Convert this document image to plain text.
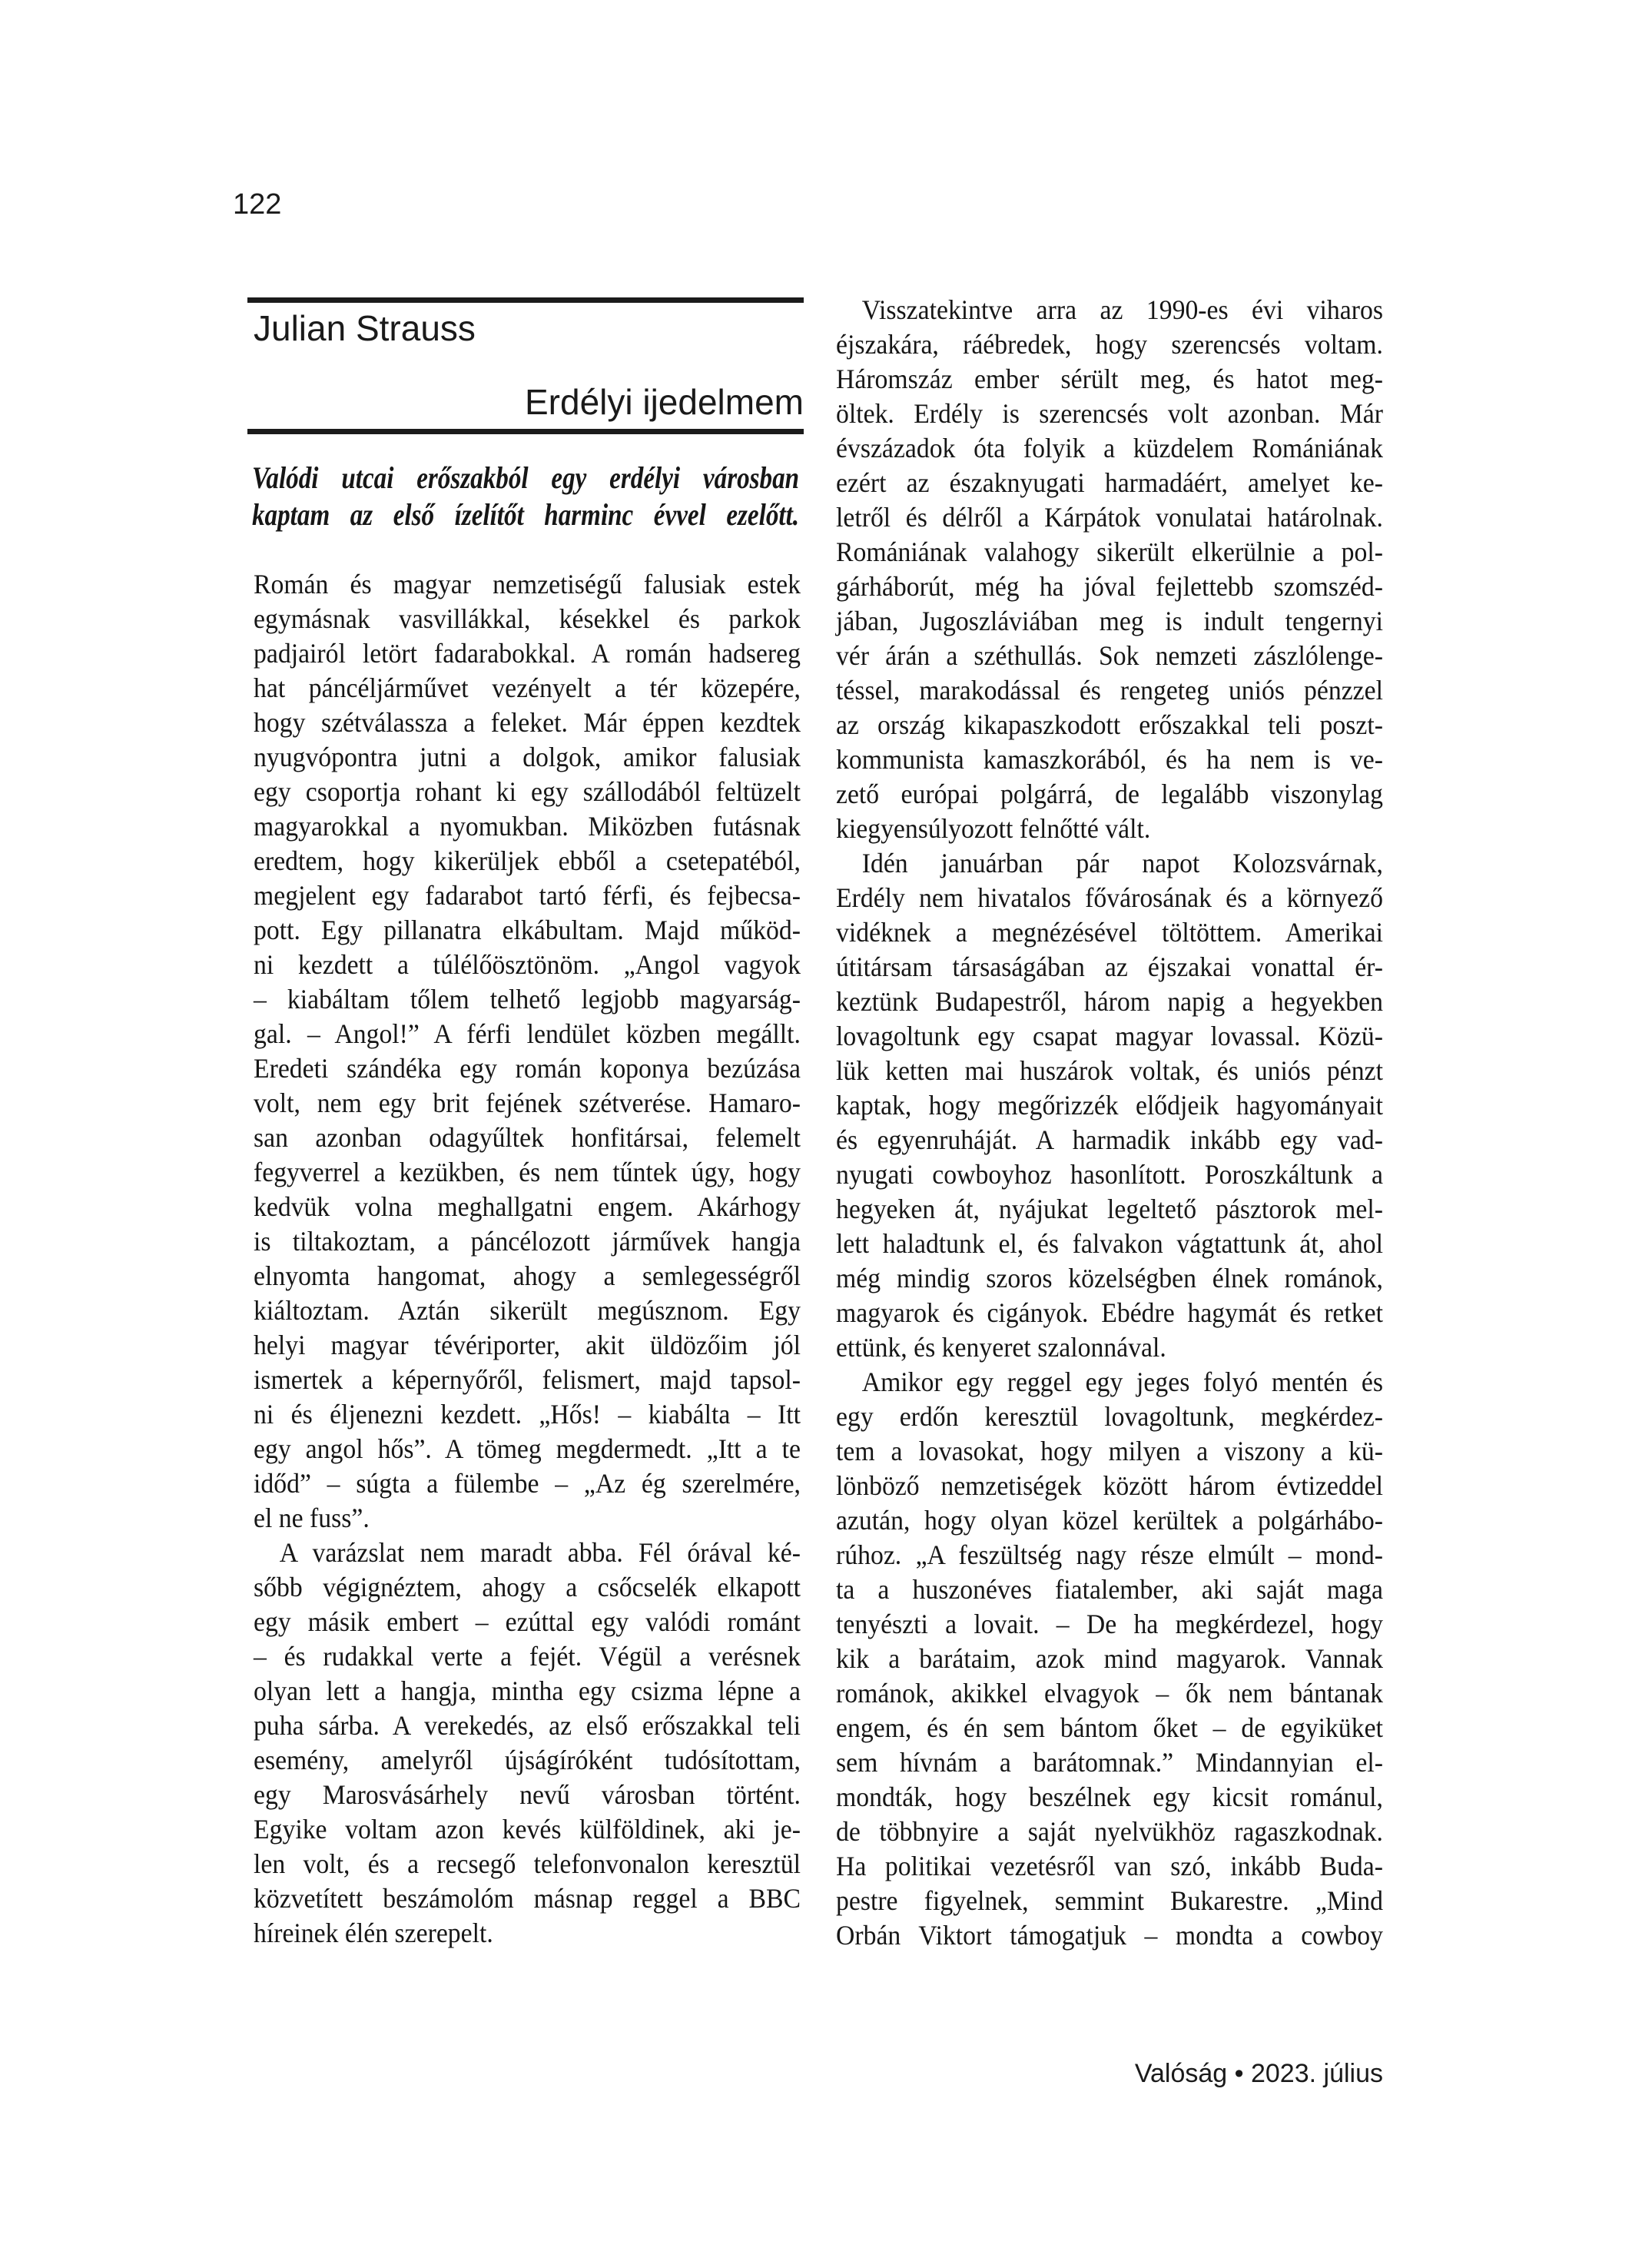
122
Julian Strauss
Erdélyi ijedelmem
Valódi utcai erőszakból egy erdélyi városban
kaptam az első ízelítőt harminc évvel ezelőtt.
Román és magyar nemzetiségű falusiak estek
egymásnak vasvillákkal, késekkel és parkok
padjairól letört fadarabokkal. A román hadsereg
hat páncéljárművet vezényelt a tér közepére,
hogy szétválassza a feleket. Már éppen kezdtek
nyugvópontra jutni a dolgok, amikor falusiak
egy csoportja rohant ki egy szállodából feltüzelt
magyarokkal a nyomukban. Miközben futásnak
eredtem, hogy kikerüljek ebből a csetepatéból,
megjelent egy fadarabot tartó férfi, és fejbecsa-
pott. Egy pillanatra elkábultam. Majd működ-
ni kezdett a túlélőösztönöm. „Angol vagyok
– kiabáltam tőlem telhető legjobb magyarság-
gal. – Angol!” A férfi lendület közben megállt.
Eredeti szándéka egy román koponya bezúzása
volt, nem egy brit fejének szétverése. Hamaro-
san azonban odagyűltek honfitársai, felemelt
fegyverrel a kezükben, és nem tűntek úgy, hogy
kedvük volna meghallgatni engem. Akárhogy
is tiltakoztam, a páncélozott járművek hangja
elnyomta hangomat, ahogy a semlegességről
kiáltoztam. Aztán sikerült megúsznom. Egy
helyi magyar tévériporter, akit üldözőim jól
ismertek a képernyőről, felismert, majd tapsol-
ni és éljenezni kezdett. „Hős! – kiabálta – Itt
egy angol hős”. A tömeg megdermedt. „Itt a te
időd” – súgta a fülembe – „Az ég szerelmére,
el ne fuss”.
A varázslat nem maradt abba. Fél órával ké-
sőbb végignéztem, ahogy a csőcselék elkapott
egy másik embert – ezúttal egy valódi románt
– és rudakkal verte a fejét. Végül a verésnek
olyan lett a hangja, mintha egy csizma lépne a
puha sárba. A verekedés, az első erőszakkal teli
esemény, amelyről újságíróként tudósítottam,
egy Marosvásárhely nevű városban történt.
Egyike voltam azon kevés külföldinek, aki je-
len volt, és a recsegő telefonvonalon keresztül
közvetített beszámolóm másnap reggel a BBC
híreinek élén szerepelt.
Visszatekintve arra az 1990-es évi viharos
éjszakára, ráébredek, hogy szerencsés voltam.
Háromszáz ember sérült meg, és hatot meg-
öltek. Erdély is szerencsés volt azonban. Már
évszázadok óta folyik a küzdelem Romániának
ezért az északnyugati harmadáért, amelyet ke-
letről és délről a Kárpátok vonulatai határolnak.
Romániának valahogy sikerült elkerülnie a pol-
gárháborút, még ha jóval fejlettebb szomszéd-
jában, Jugoszláviában meg is indult tengernyi
vér árán a széthullás. Sok nemzeti zászlólenge-
téssel, marakodással és rengeteg uniós pénzzel
az ország kikapaszkodott erőszakkal teli poszt-
kommunista kamaszkorából, és ha nem is ve-
zető európai polgárrá, de legalább viszonylag
kiegyensúlyozott felnőtté vált.
Idén januárban pár napot Kolozsvárnak,
Erdély nem hivatalos fővárosának és a környező
vidéknek a megnézésével töltöttem. Amerikai
útitársam társaságában az éjszakai vonattal ér-
keztünk Budapestről, három napig a hegyekben
lovagoltunk egy csapat magyar lovassal. Közü-
lük ketten mai huszárok voltak, és uniós pénzt
kaptak, hogy megőrizzék elődjeik hagyományait
és egyenruháját. A harmadik inkább egy vad-
nyugati cowboyhoz hasonlított. Poroszkáltunk a
hegyeken át, nyájukat legeltető pásztorok mel-
lett haladtunk el, és falvakon vágtattunk át, ahol
még mindig szoros közelségben élnek románok,
magyarok és cigányok. Ebédre hagymát és retket
ettünk, és kenyeret szalonnával.
Amikor egy reggel egy jeges folyó mentén és
egy erdőn keresztül lovagoltunk, megkérdez-
tem a lovasokat, hogy milyen a viszony a kü-
lönböző nemzetiségek között három évtizeddel
azután, hogy olyan közel kerültek a polgárhábo-
rúhoz. „A feszültség nagy része elmúlt – mond-
ta a huszonéves fiatalember, aki saját maga
tenyészti a lovait. – De ha megkérdezel, hogy
kik a barátaim, azok mind magyarok. Vannak
románok, akikkel elvagyok – ők nem bántanak
engem, és én sem bántom őket – de egyiküket
sem hívnám a barátomnak.” Mindannyian el-
mondták, hogy beszélnek egy kicsit románul,
de többnyire a saját nyelvükhöz ragaszkodnak.
Ha politikai vezetésről van szó, inkább Buda-
pestre figyelnek, semmint Bukarestre. „Mind
Orbán Viktort támogatjuk – mondta a cowboy
Valóság • 2023. július
